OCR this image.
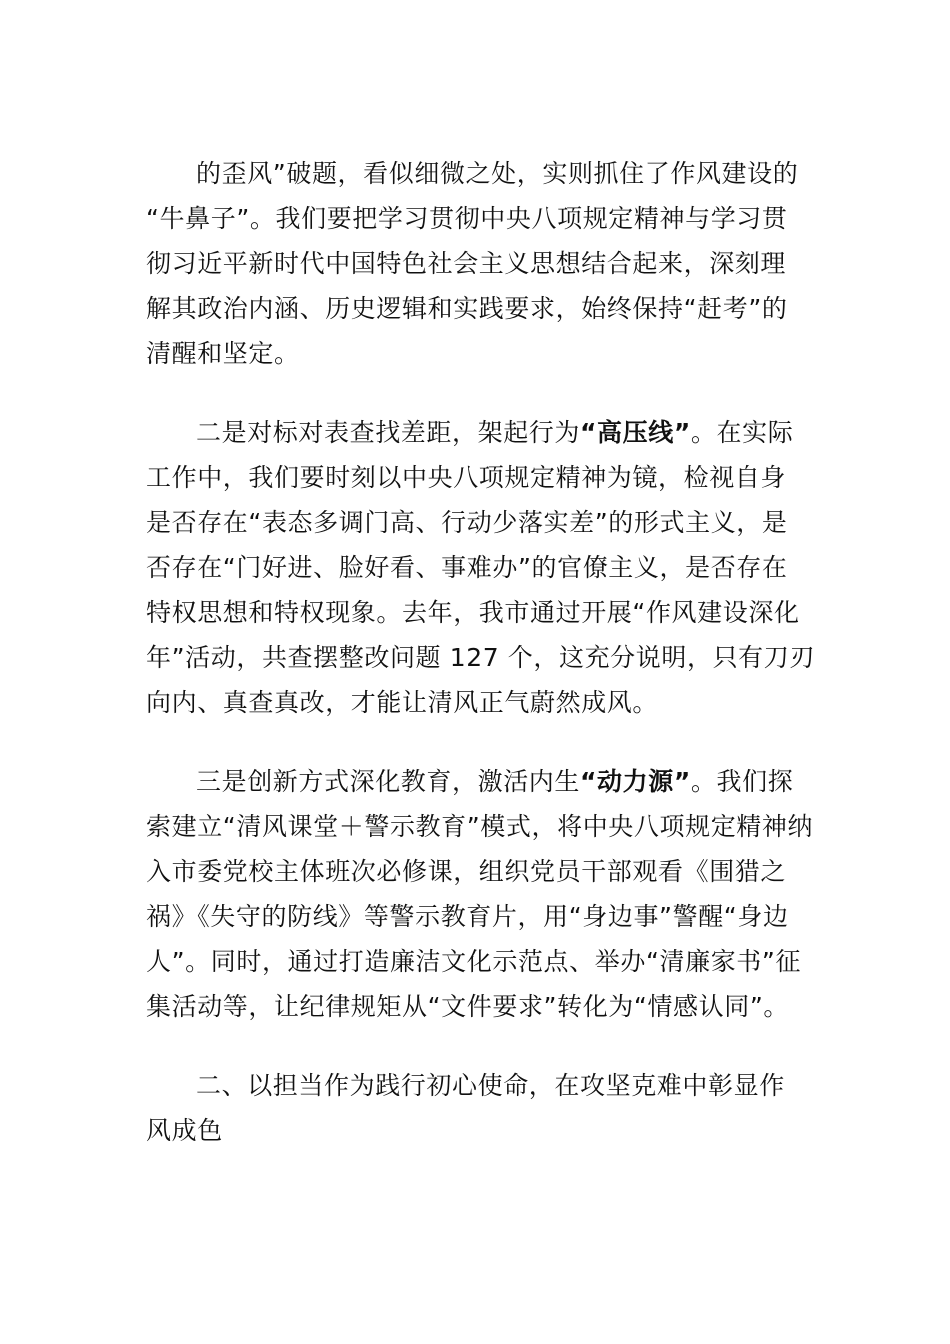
的歪风”破题，看似细微之处，实则抓住了作风建设的
“牛鼻子”。我们要把学习贯彻中央八项规定精神与学习贯
彻习近平新时代中国特色社会主义思想结合起来，深刻理
解其政治内涵、历史逻辑和实践要求，始终保持“赶考”的
清醒和坚定。
二是对标对表查找差距，架起行为“高压线”。在实际
工作中，我们要时刻以中央八项规定精神为镜，检视自身
是否存在“表态多调门高、行动少落实差”的形式主义，是
否存在“门好进、脸好看、事难办”的官僚主义，是否存在
特权思想和特权现象。去年，我市通过开展“作风建设深化
年”活动，共查摆整改问题 127 个，这充分说明，只有刀刃
向内、真查真改，才能让清风正气蔚然成风。
三是创新方式深化教育，激活内生“动力源”。我们探
索建立“清风课堂＋警示教育”模式，将中央八项规定精神纳
入市委党校主体班次必修课，组织党员干部观看《围猎之
祸》《失守的防线》等警示教育片，用“身边事”警醒“身边
人”。同时，通过打造廉洁文化示范点、举办“清廉家书”征
集活动等，让纪律规矩从“文件要求”转化为“情感认同”。
二、以担当作为践行初心使命，在攻坚克难中彰显作
风成色
